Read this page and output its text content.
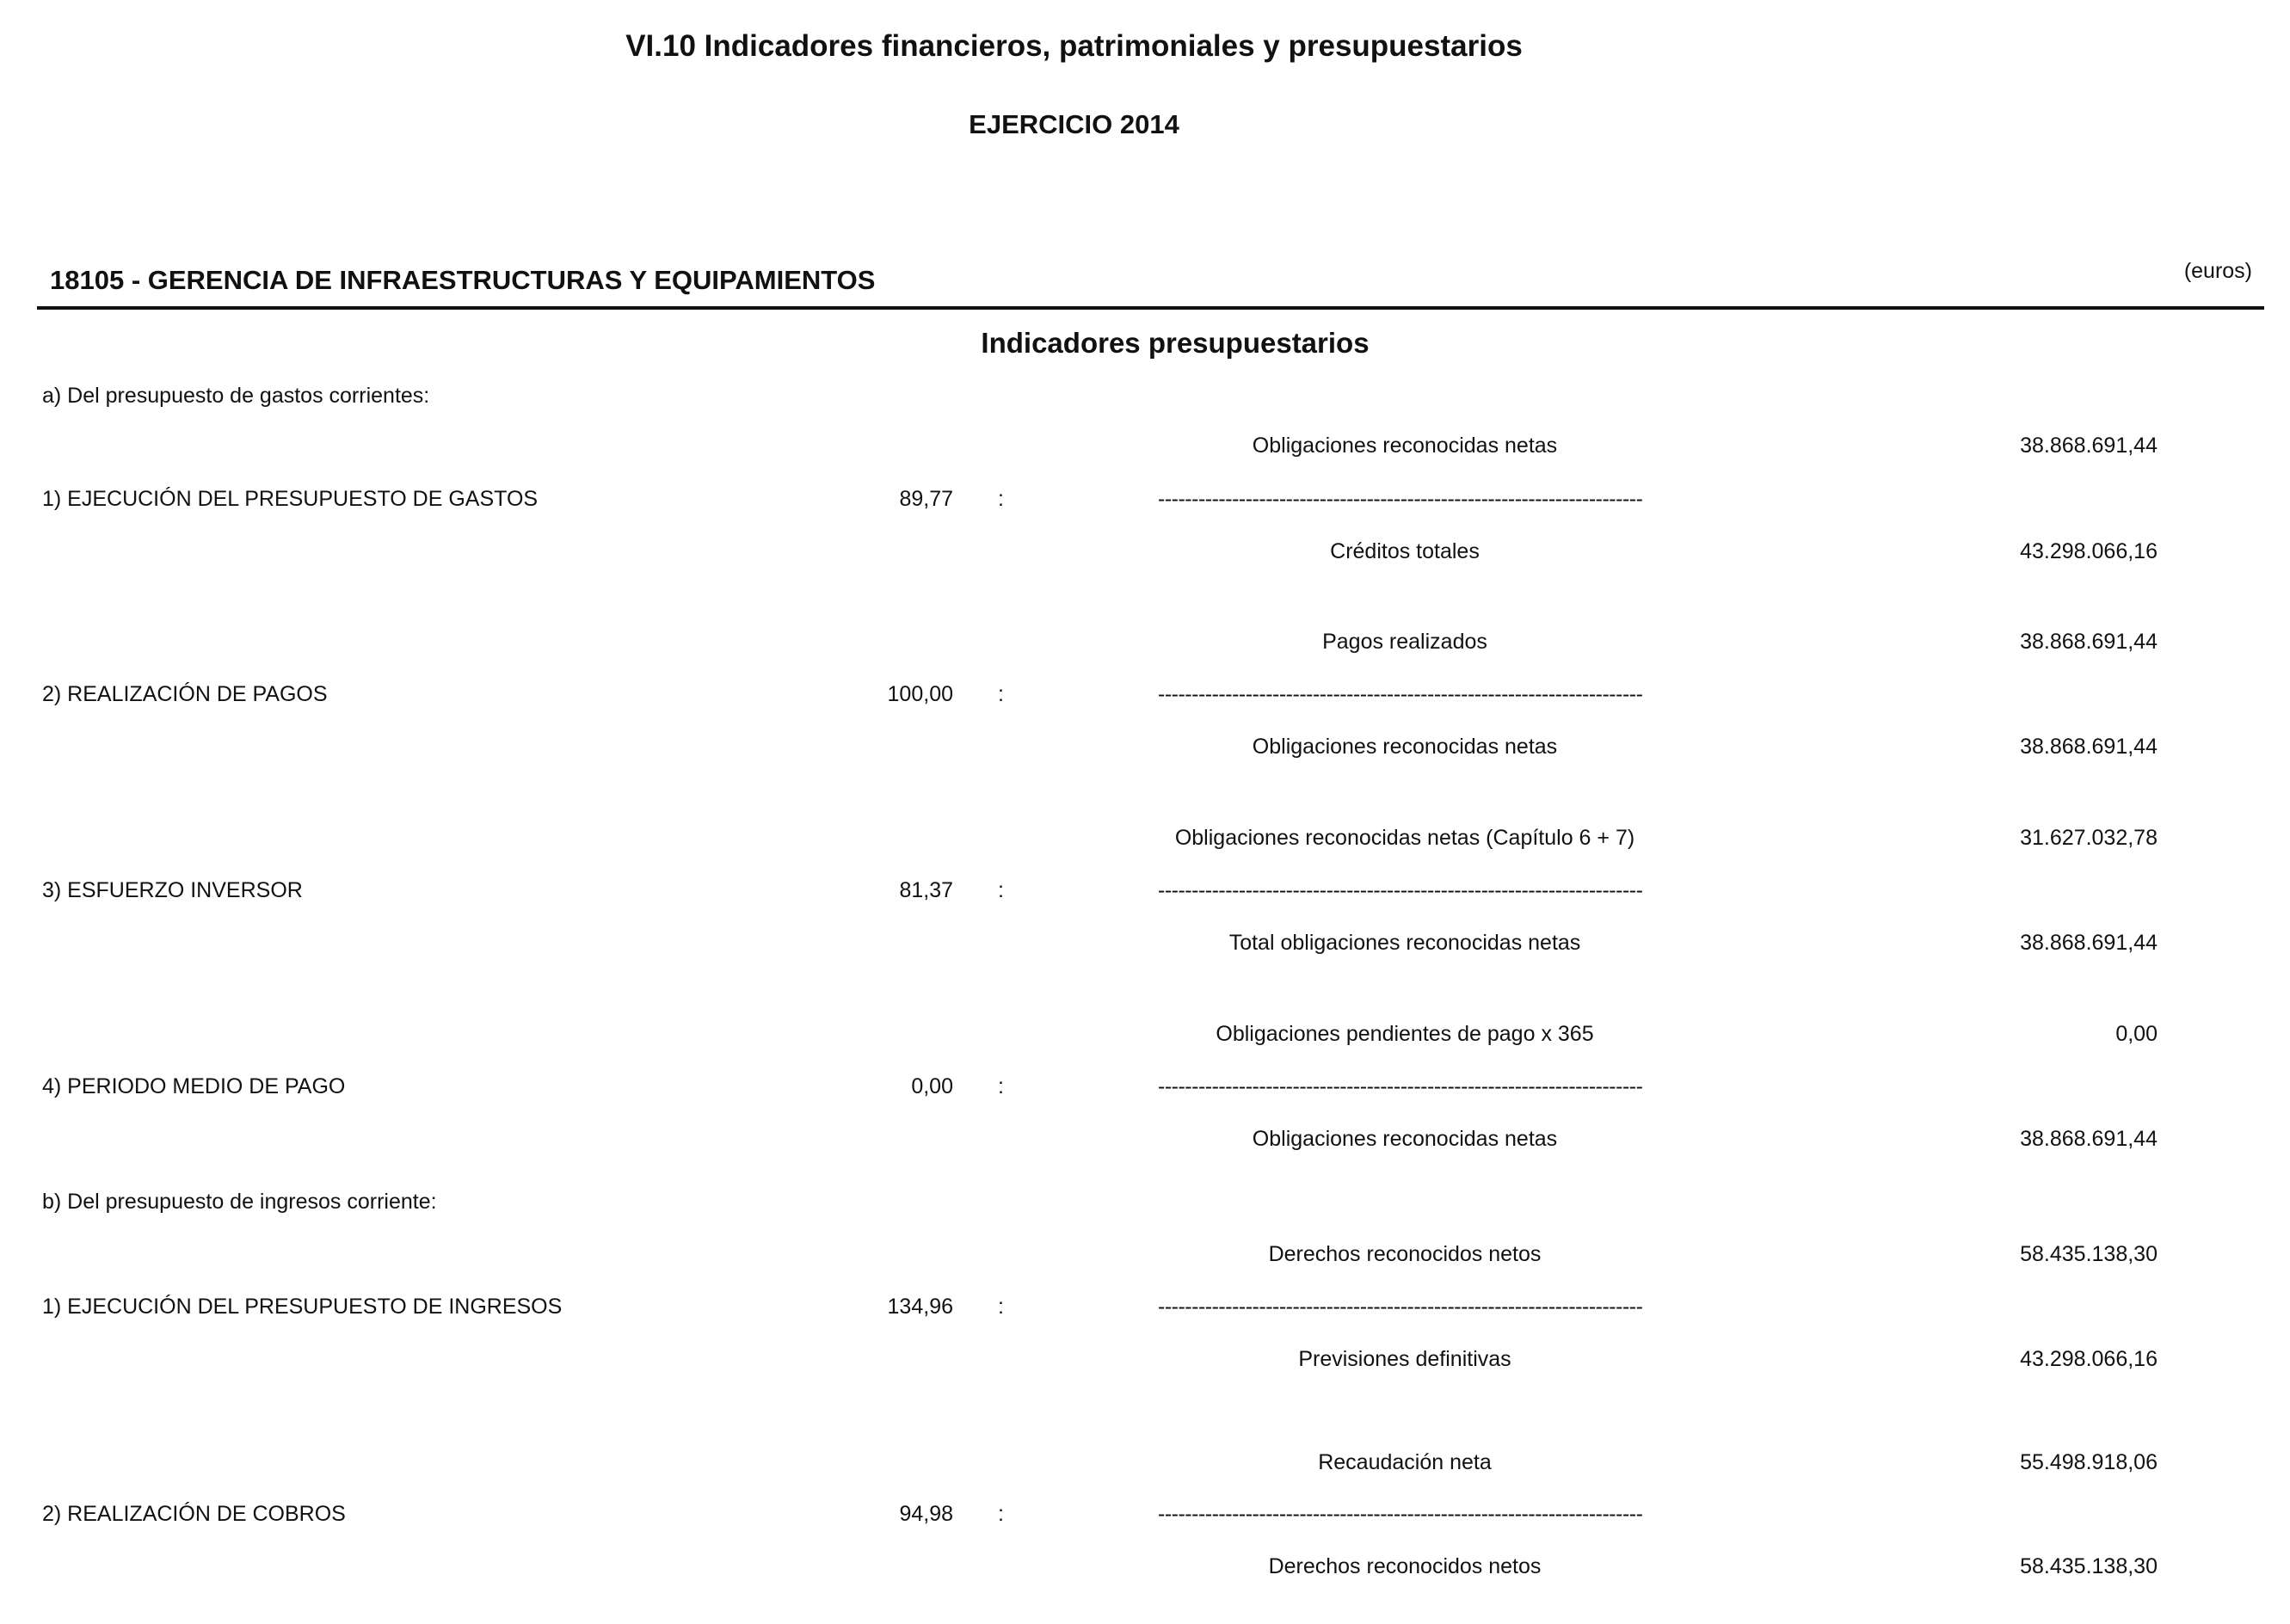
VI.10 Indicadores financieros, patrimoniales y presupuestarios
EJERCICIO 2014
18105 - GERENCIA DE INFRAESTRUCTURAS Y EQUIPAMIENTOS	(euros)
Indicadores presupuestarios
a) Del presupuesto de gastos corrientes:
Obligaciones reconocidas netas	38.868.691,44
1) EJECUCIÓN DEL PRESUPUESTO DE GASTOS	89,77 :	------------------------------------------------------------------------
Créditos totales	43.298.066,16
Pagos realizados	38.868.691,44
2) REALIZACIÓN DE PAGOS	100,00 :	------------------------------------------------------------------------
Obligaciones reconocidas netas	38.868.691,44
Obligaciones reconocidas netas (Capítulo 6 + 7)	31.627.032,78
3) ESFUERZO INVERSOR	81,37 :	------------------------------------------------------------------------
Total obligaciones reconocidas netas	38.868.691,44
Obligaciones pendientes de pago x 365	0,00
4) PERIODO MEDIO DE PAGO	0,00 :	------------------------------------------------------------------------
Obligaciones reconocidas netas	38.868.691,44
b) Del presupuesto de ingresos corriente:
Derechos reconocidos netos	58.435.138,30
1) EJECUCIÓN DEL PRESUPUESTO DE INGRESOS	134,96 :	------------------------------------------------------------------------
Previsiones definitivas	43.298.066,16
Recaudación neta	55.498.918,06
2) REALIZACIÓN DE COBROS	94,98 :	------------------------------------------------------------------------
Derechos reconocidos netos	58.435.138,30
